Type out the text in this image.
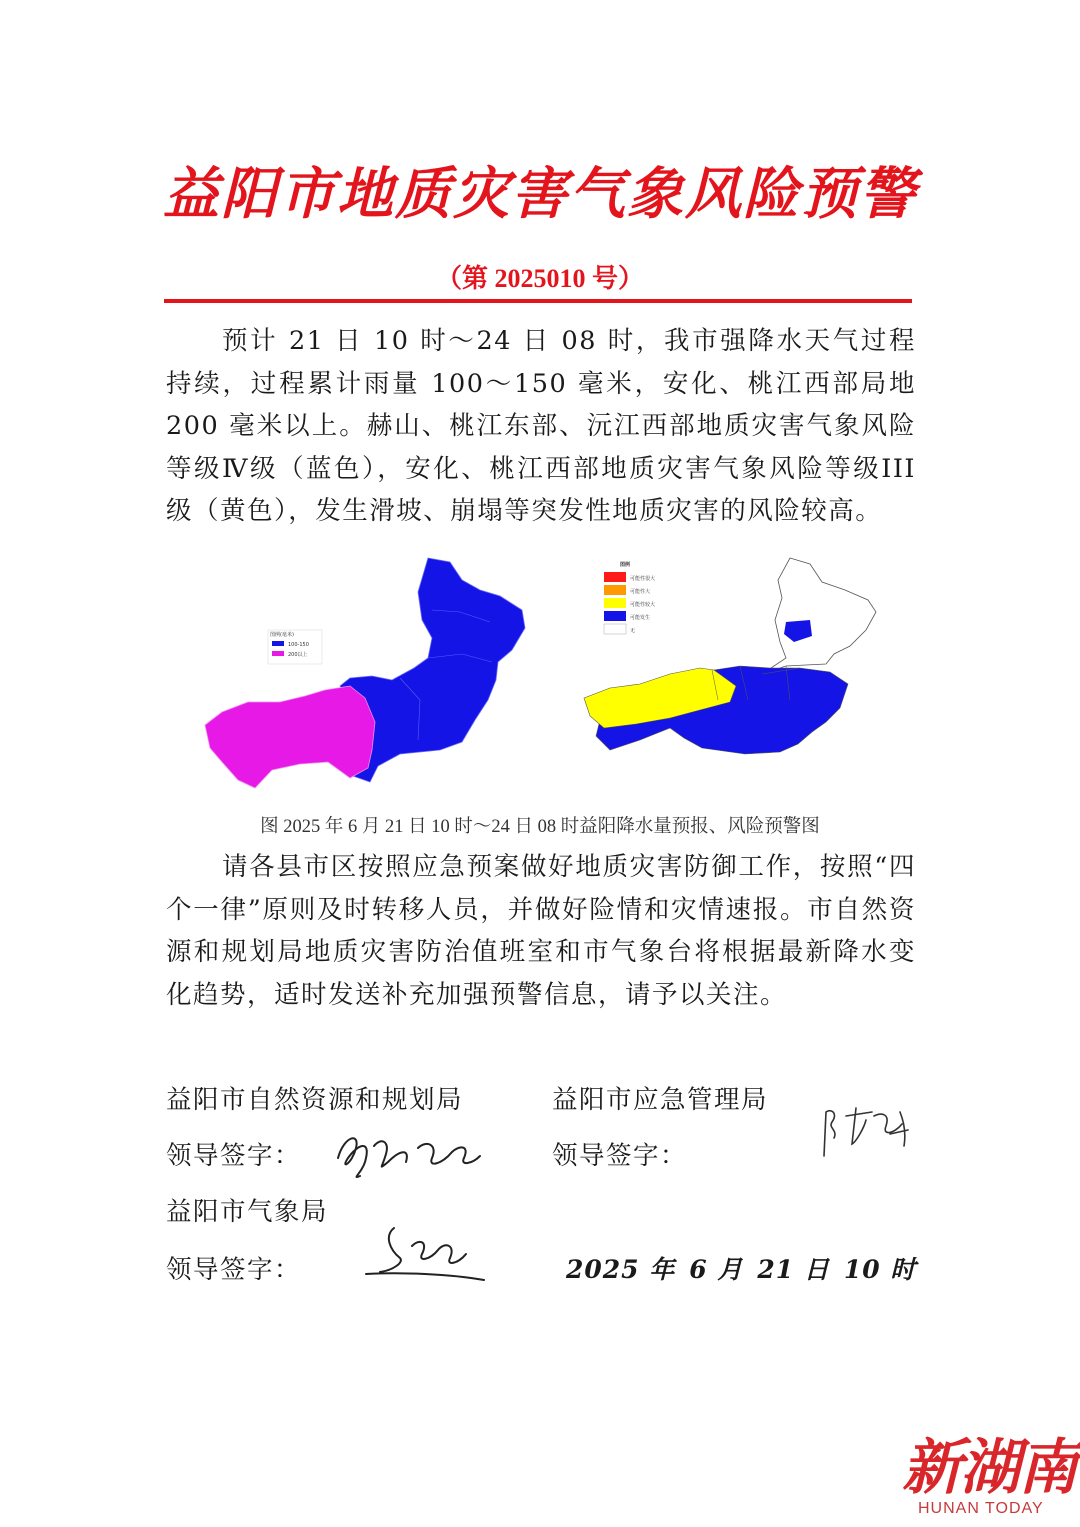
益阳市地质灾害气象风险预警
（第 2025010 号）

预计 21 日 10 时～24 日 08 时，我市强降水天气过程持续，过程累计雨量 100～150 毫米，安化、桃江西部局地 200 毫米以上。赫山、桃江东部、沅江西部地质灾害气象风险等级Ⅳ级（蓝色），安化、桃江西部地质灾害气象风险等级III 级（黄色），发生滑坡、崩塌等突发性地质灾害的风险较高。

图例(毫米)
100-150
200以上
图例
可能性很大
可能性大
可能性较大
可能发生
无
图 2025 年 6 月 21 日 10 时～24 日 08 时益阳降水量预报、风险预警图

请各县市区按照应急预案做好地质灾害防御工作，按照“四个一律”原则及时转移人员，并做好险情和灾情速报。市自然资源和规划局地质灾害防治值班室和市气象台将根据最新降水变化趋势，适时发送补充加强预警信息，请予以关注。

益阳市自然资源和规划局	益阳市应急管理局
领导签字：	领导签字：
益阳市气象局
领导签字：	2025 年 6 月 21 日 10 时
新湖南
HUNAN TODAY
